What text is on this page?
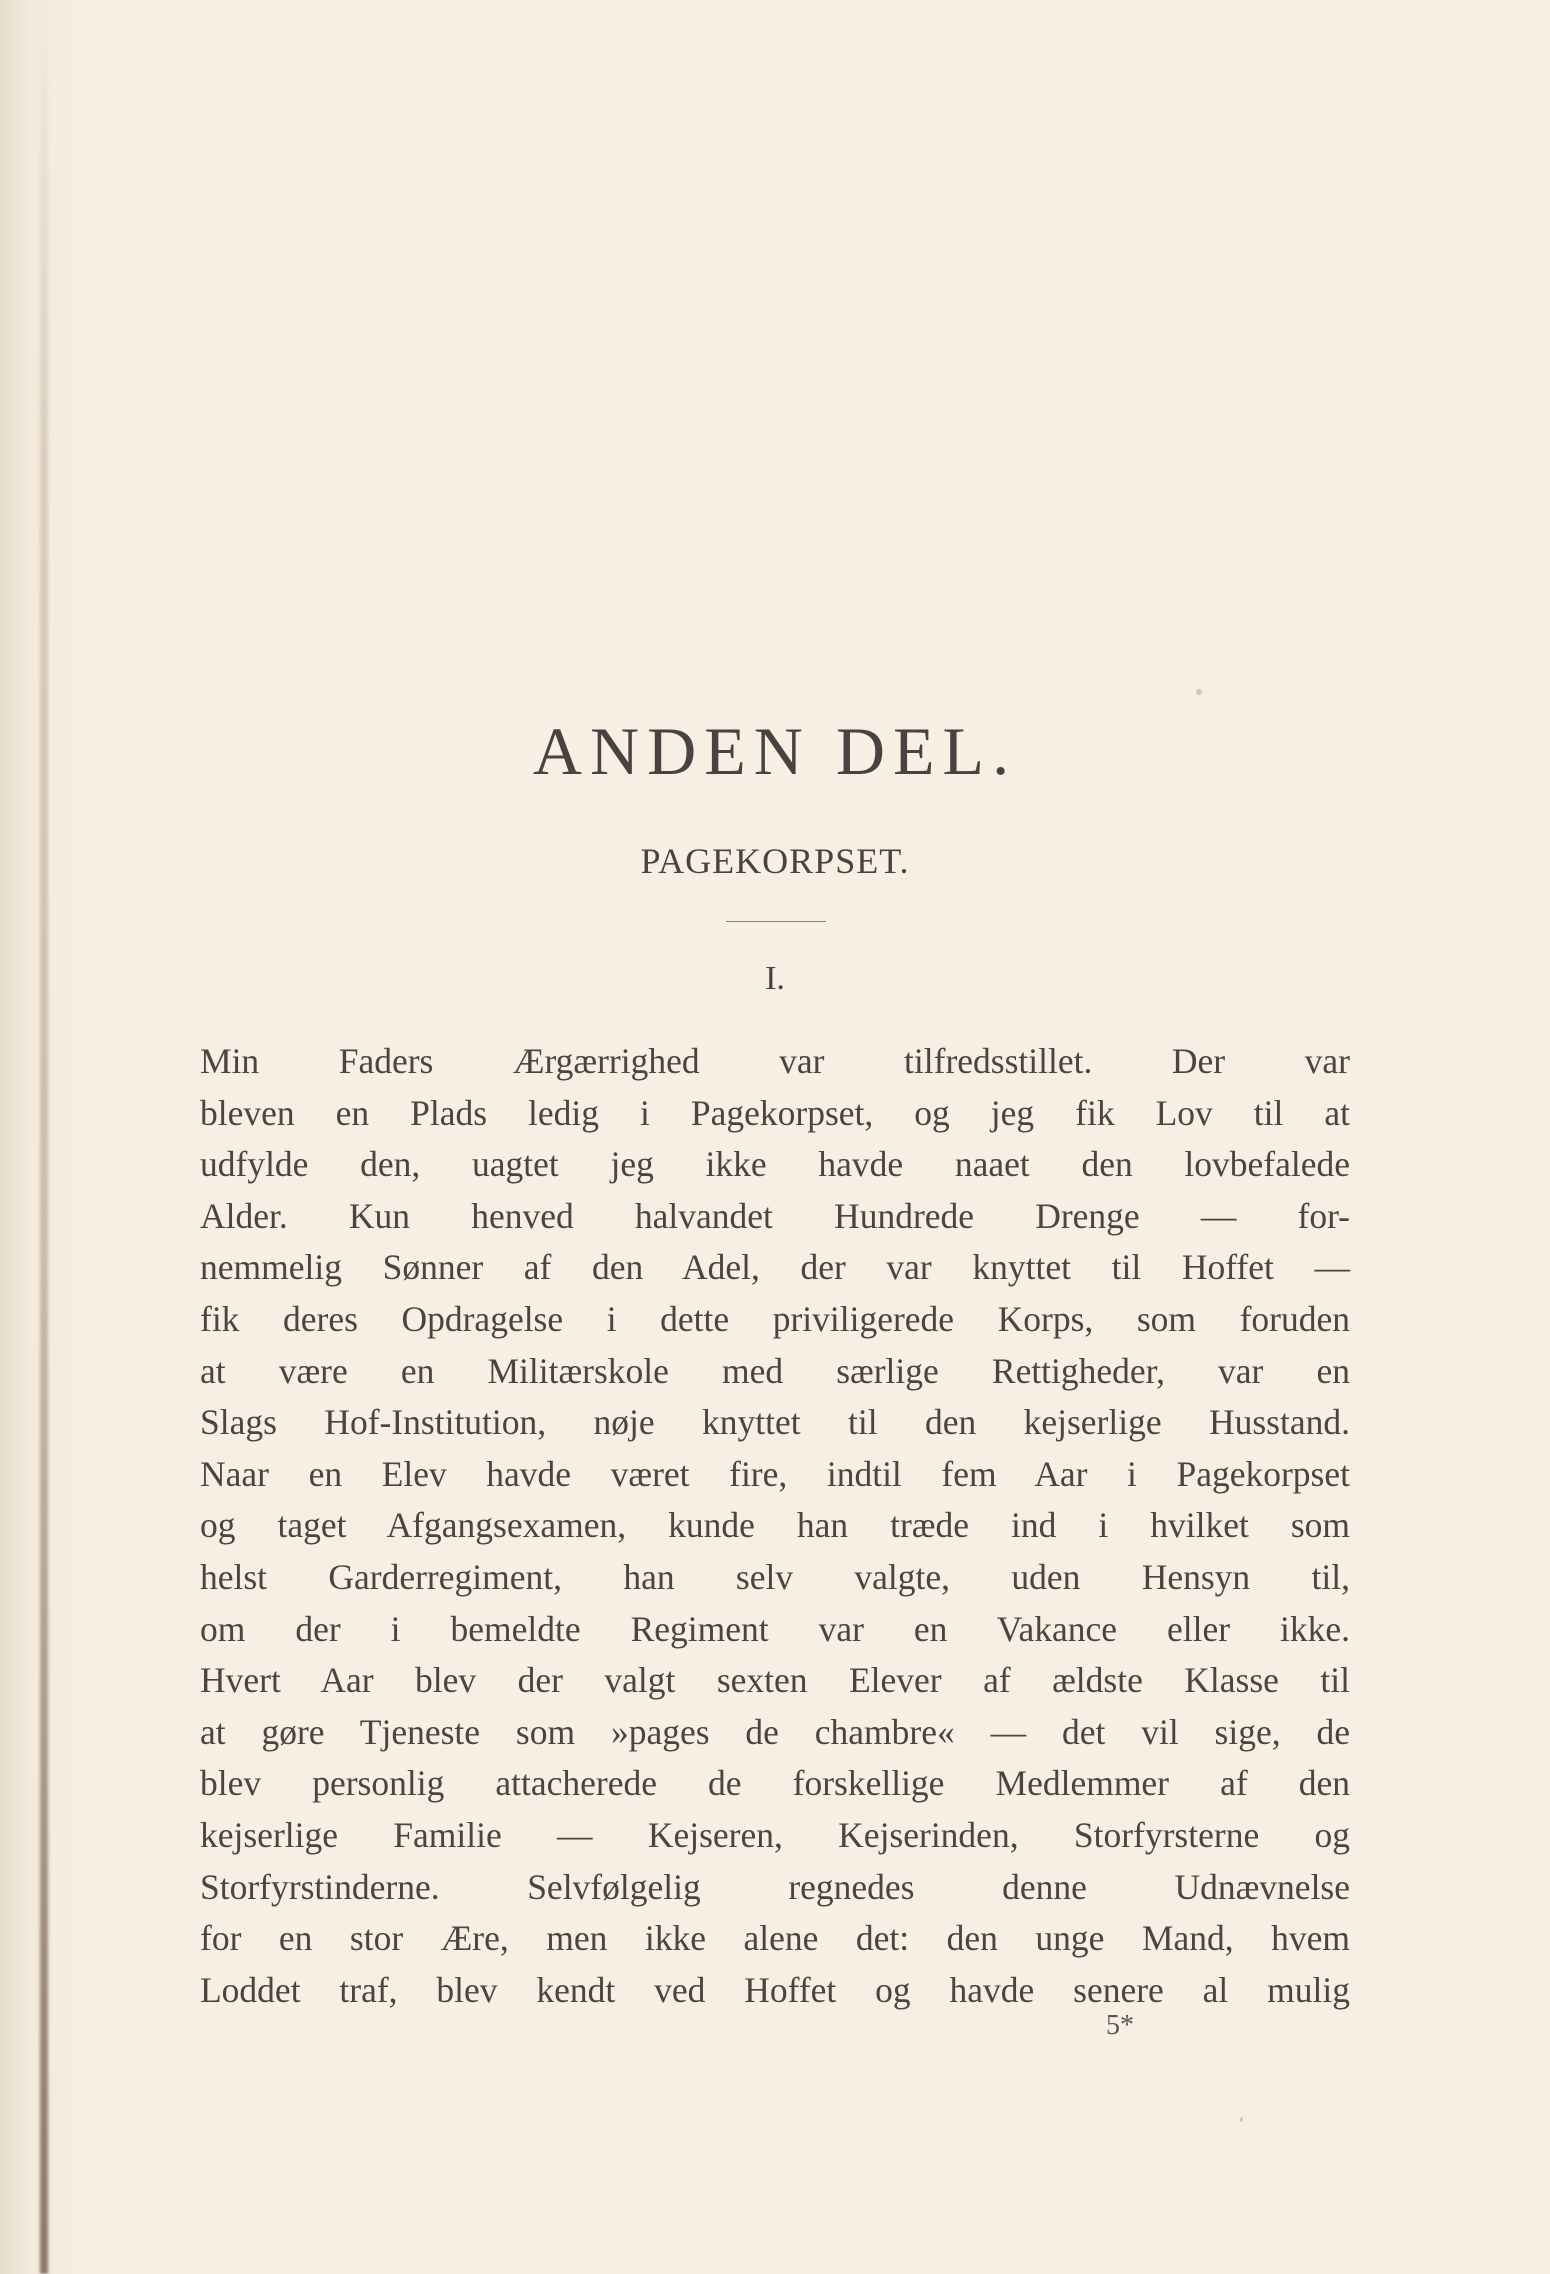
ANDEN DEL.
PAGEKORPSET.
I.
Min Faders Ærgærrighed var tilfredsstillet. Der var
bleven en Plads ledig i Pagekorpset, og jeg fik Lov til at
udfylde den, uagtet jeg ikke havde naaet den lovbefalede
Alder. Kun henved halvandet Hundrede Drenge — for-
nemmelig Sønner af den Adel, der var knyttet til Hoffet —
fik deres Opdragelse i dette priviligerede Korps, som foruden
at være en Militærskole med særlige Rettigheder, var en
Slags Hof-Institution, nøje knyttet til den kejserlige Husstand.
Naar en Elev havde været fire, indtil fem Aar i Pagekorpset
og taget Afgangsexamen, kunde han træde ind i hvilket som
helst Garderregiment, han selv valgte, uden Hensyn til,
om der i bemeldte Regiment var en Vakance eller ikke.
Hvert Aar blev der valgt sexten Elever af ældste Klasse til
at gøre Tjeneste som »pages de chambre« — det vil sige, de
blev personlig attacherede de forskellige Medlemmer af den
kejserlige Familie — Kejseren, Kejserinden, Storfyrsterne og
Storfyrstinderne. Selvfølgelig regnedes denne Udnævnelse
for en stor Ære, men ikke alene det: den unge Mand, hvem
Loddet traf, blev kendt ved Hoffet og havde senere al mulig
5*
